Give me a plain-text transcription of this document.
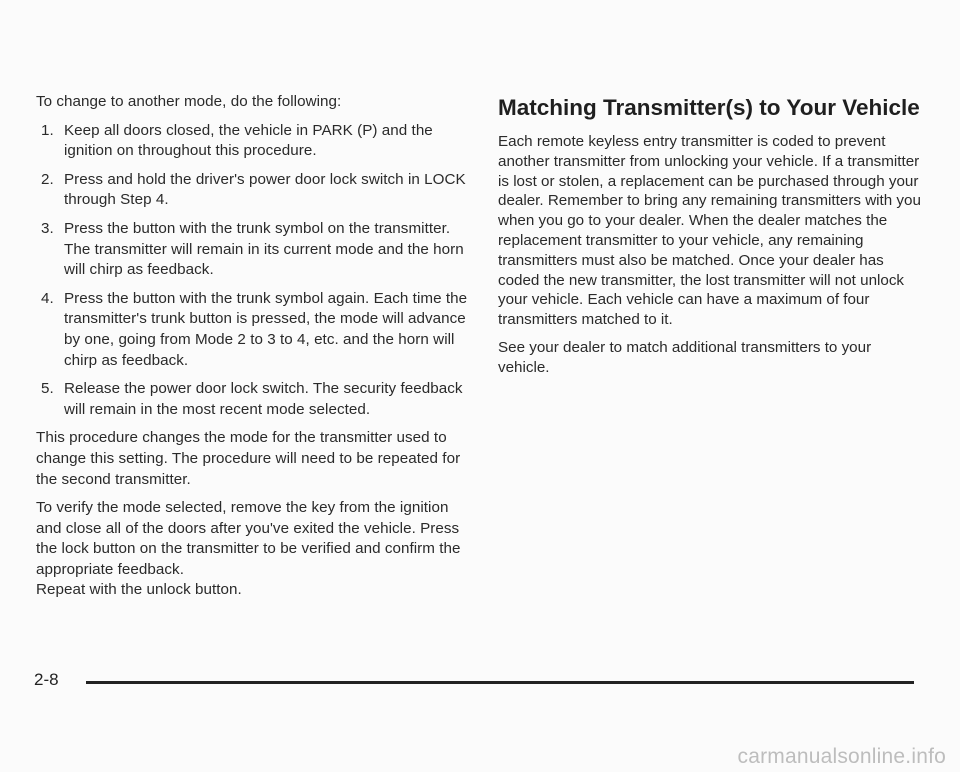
To change to another mode, do the following:

1. Keep all doors closed, the vehicle in PARK (P) and the ignition on throughout this procedure.
2. Press and hold the driver's power door lock switch in LOCK through Step 4.
3. Press the button with the trunk symbol on the transmitter. The transmitter will remain in its current mode and the horn will chirp as feedback.
4. Press the button with the trunk symbol again. Each time the transmitter's trunk button is pressed, the mode will advance by one, going from Mode 2 to 3 to 4, etc. and the horn will chirp as feedback.
5. Release the power door lock switch. The security feedback will remain in the most recent mode selected.

This procedure changes the mode for the transmitter used to change this setting. The procedure will need to be repeated for the second transmitter.

To verify the mode selected, remove the key from the ignition and close all of the doors after you've exited the vehicle. Press the lock button on the transmitter to be verified and confirm the appropriate feedback.

Repeat with the unlock button.

Matching Transmitter(s) to Your Vehicle

Each remote keyless entry transmitter is coded to prevent another transmitter from unlocking your vehicle. If a transmitter is lost or stolen, a replacement can be purchased through your dealer. Remember to bring any remaining transmitters with you when you go to your dealer. When the dealer matches the replacement transmitter to your vehicle, any remaining transmitters must also be matched. Once your dealer has coded the new transmitter, the lost transmitter will not unlock your vehicle. Each vehicle can have a maximum of four transmitters matched to it.

See your dealer to match additional transmitters to your vehicle.

2-8
carmanualsonline.info
